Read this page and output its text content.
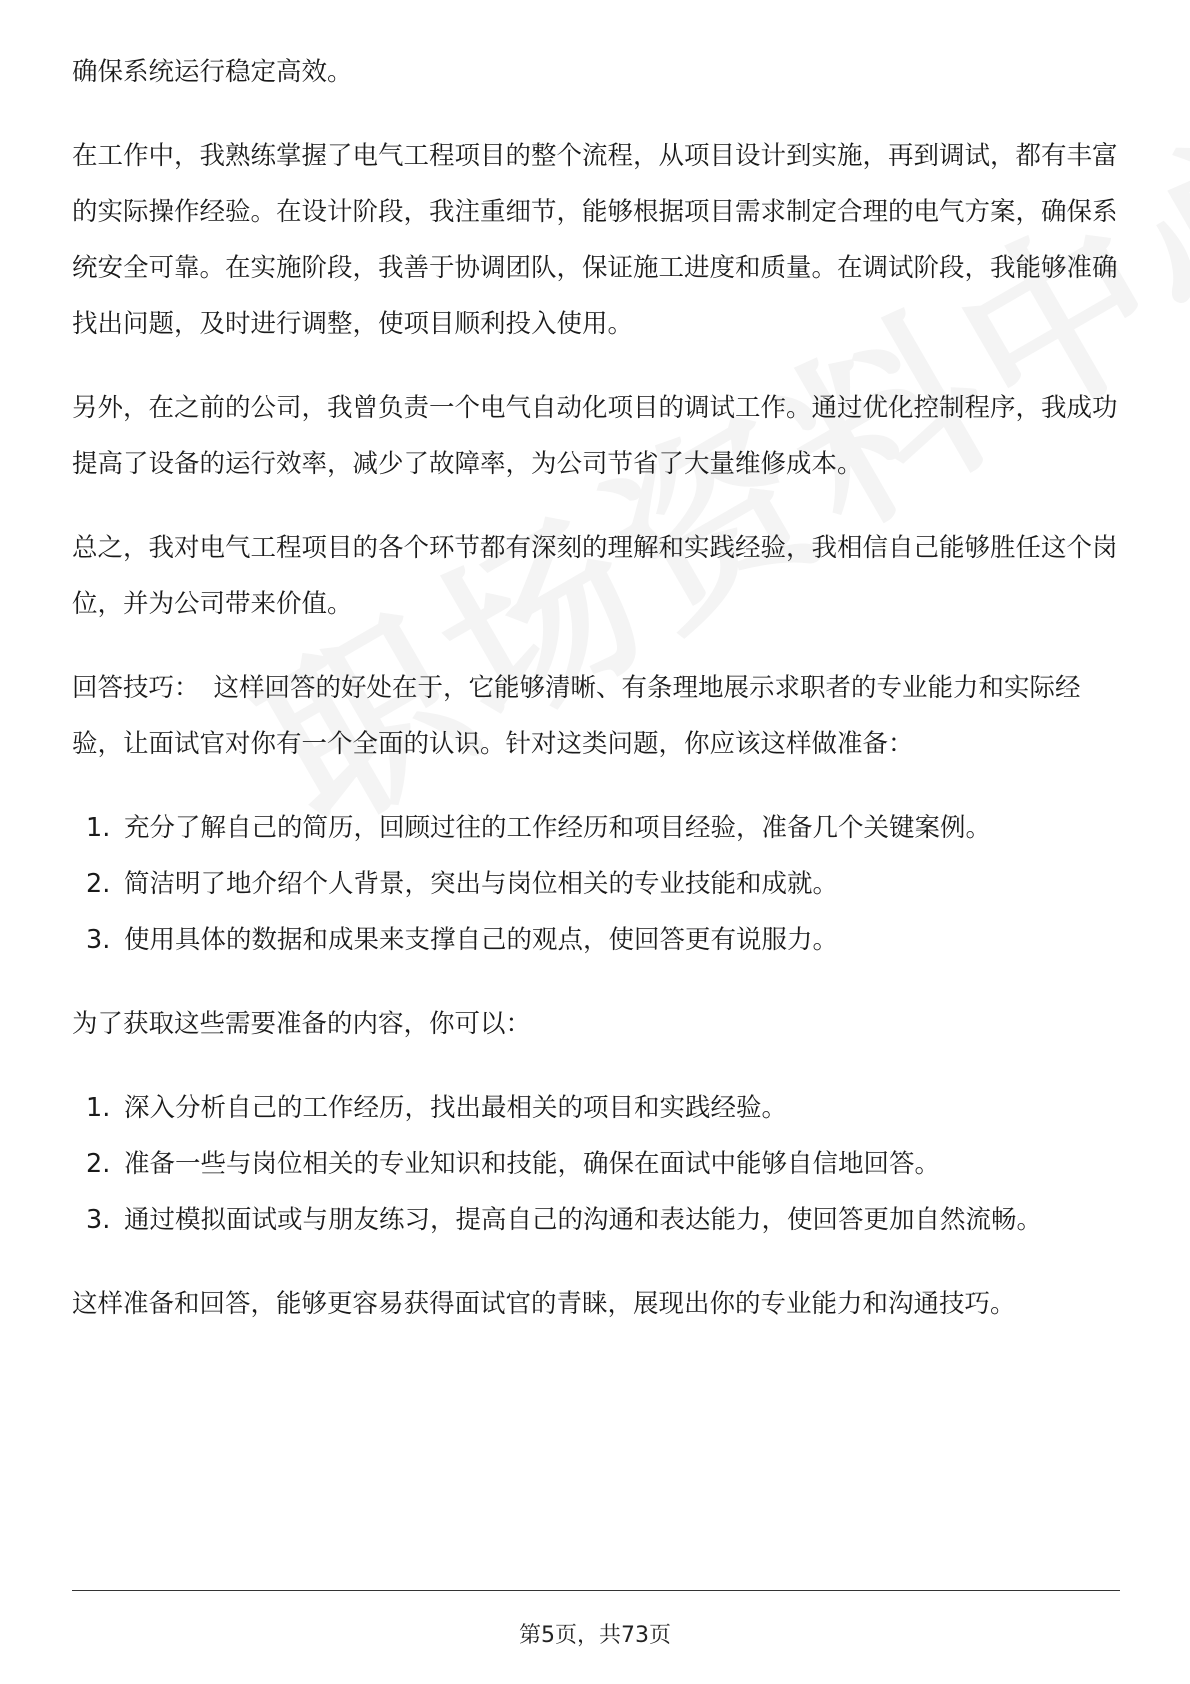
确保系统运行稳定高效。

在工作中，我熟练掌握了电气工程项目的整个流程，从项目设计到实施，再到调试，都有丰富的实际操作经验。在设计阶段，我注重细节，能够根据项目需求制定合理的电气方案，确保系统安全可靠。在实施阶段，我善于协调团队，保证施工进度和质量。在调试阶段，我能够准确找出问题，及时进行调整，使项目顺利投入使用。

另外，在之前的公司，我曾负责一个电气自动化项目的调试工作。通过优化控制程序，我成功提高了设备的运行效率，减少了故障率，为公司节省了大量维修成本。

总之，我对电气工程项目的各个环节都有深刻的理解和实践经验，我相信自己能够胜任这个岗位，并为公司带来价值。

回答技巧： 这样回答的好处在于，它能够清晰、有条理地展示求职者的专业能力和实际经验，让面试官对你有一个全面的认识。针对这类问题，你应该这样做准备：

1. 充分了解自己的简历，回顾过往的工作经历和项目经验，准备几个关键案例。
2. 简洁明了地介绍个人背景，突出与岗位相关的专业技能和成就。
3. 使用具体的数据和成果来支撑自己的观点，使回答更有说服力。

为了获取这些需要准备的内容，你可以：

1. 深入分析自己的工作经历，找出最相关的项目和实践经验。
2. 准备一些与岗位相关的专业知识和技能，确保在面试中能够自信地回答。
3. 通过模拟面试或与朋友练习，提高自己的沟通和表达能力，使回答更加自然流畅。

这样准备和回答，能够更容易获得面试官的青睐，展现出你的专业能力和沟通技巧。

第5页，共73页
